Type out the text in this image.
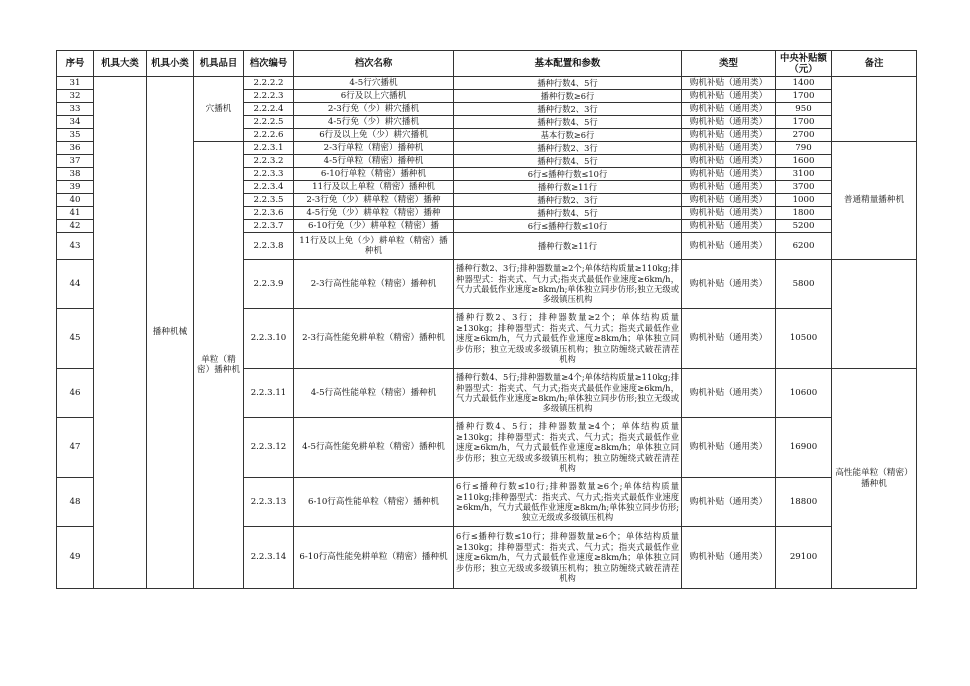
序号	机具大类	机具小类	机具品目	档次编号	档次名称	基本配置和参数	类型	中央补贴额（元）	备注
31		播种机械	穴播机	2.2.2.2	4-5行穴播机	播种行数4、5行	购机补贴（通用类）	1400	
32				2.2.2.3	6行及以上穴播机	播种行数≥6行	购机补贴（通用类）	1700	
33				2.2.2.4	2-3行免（少）耕穴播机	播种行数2、3行	购机补贴（通用类）	950	
34				2.2.2.5	4-5行免（少）耕穴播机	播种行数4、5行	购机补贴（通用类）	1700	
35				2.2.2.6	6行及以上免（少）耕穴播机	基本行数≥6行	购机补贴（通用类）	2700	
36			单粒（精密）播种机	2.2.3.1	2-3行单粒（精密）播种机	播种行数2、3行	购机补贴（通用类）	790	普通精量播种机
37				2.2.3.2	4-5行单粒（精密）播种机	播种行数4、5行	购机补贴（通用类）	1600	
38				2.2.3.3	6-10行单粒（精密）播种机	6行≤播种行数≤10行	购机补贴（通用类）	3100	
39				2.2.3.4	11行及以上单粒（精密）播种机	播种行数≥11行	购机补贴（通用类）	3700	
40				2.2.3.5	2-3行免（少）耕单粒（精密）播种	播种行数2、3行	购机补贴（通用类）	1000	
41				2.2.3.6	4-5行免（少）耕单粒（精密）播种	播种行数4、5行	购机补贴（通用类）	1800	
42				2.2.3.7	6-10行免（少）耕单粒（精密）播	6行≤播种行数≤10行	购机补贴（通用类）	5200	
43				2.2.3.8	11行及以上免（少）耕单粒（精密）播种机	播种行数≥11行	购机补贴（通用类）	6200	
44				2.2.3.9	2-3行高性能单粒（精密）播种机	播种行数2、3行;排种器数量≥2个;单体结构质量≥110kg;排种器型式：指夹式、气力式;指夹式最低作业速度≥6km/h，气力式最低作业速度≥8km/h;单体独立同步仿形;独立无级或多级镇压机构	购机补贴（通用类）	5800	
45				2.2.3.10	2-3行高性能免耕单粒（精密）播种机	播种行数2、3行；排种器数量≥2个；单体结构质量≥130kg；排种器型式：指夹式、气力式；指夹式最低作业速度≥6km/h，气力式最低作业速度≥8km/h；单体独立同步仿形；独立无级或多级镇压机构；独立防缠绕式破茬清茬机构	购机补贴（通用类）	10500	
46				2.2.3.11	4-5行高性能单粒（精密）播种机	播种行数4、5行;排种器数量≥4个;单体结构质量≥110kg;排种器型式：指夹式、气力式;指夹式最低作业速度≥6km/h，气力式最低作业速度≥8km/h;单体独立同步仿形;独立无级或多级镇压机构	购机补贴（通用类）	10600	高性能单粒（精密）播种机
47				2.2.3.12	4-5行高性能免耕单粒（精密）播种机	播种行数4、5行；排种器数量≥4个；单体结构质量≥130kg；排种器型式：指夹式、气力式；指夹式最低作业速度≥6km/h，气力式最低作业速度≥8km/h；单体独立同步仿形；独立无级或多级镇压机构；独立防缠绕式破茬清茬机构	购机补贴（通用类）	16900	
48				2.2.3.13	6-10行高性能单粒（精密）播种机	6行≤播种行数≤10行;排种器数量≥6个;单体结构质量≥110kg;排种器型式：指夹式、气力式;指夹式最低作业速度≥6km/h，气力式最低作业速度≥8km/h;单体独立同步仿形;独立无级或多级镇压机构	购机补贴（通用类）	18800	
49				2.2.3.14	6-10行高性能免耕单粒（精密）播种机	6行≤播种行数≤10行；排种器数量≥6个；单体结构质量≥130kg；排种器型式：指夹式、气力式；指夹式最低作业速度≥6km/h，气力式最低作业速度≥8km/h；单体独立同步仿形；独立无级或多级镇压机构；独立防缠绕式破茬清茬机构	购机补贴（通用类）	29100	
